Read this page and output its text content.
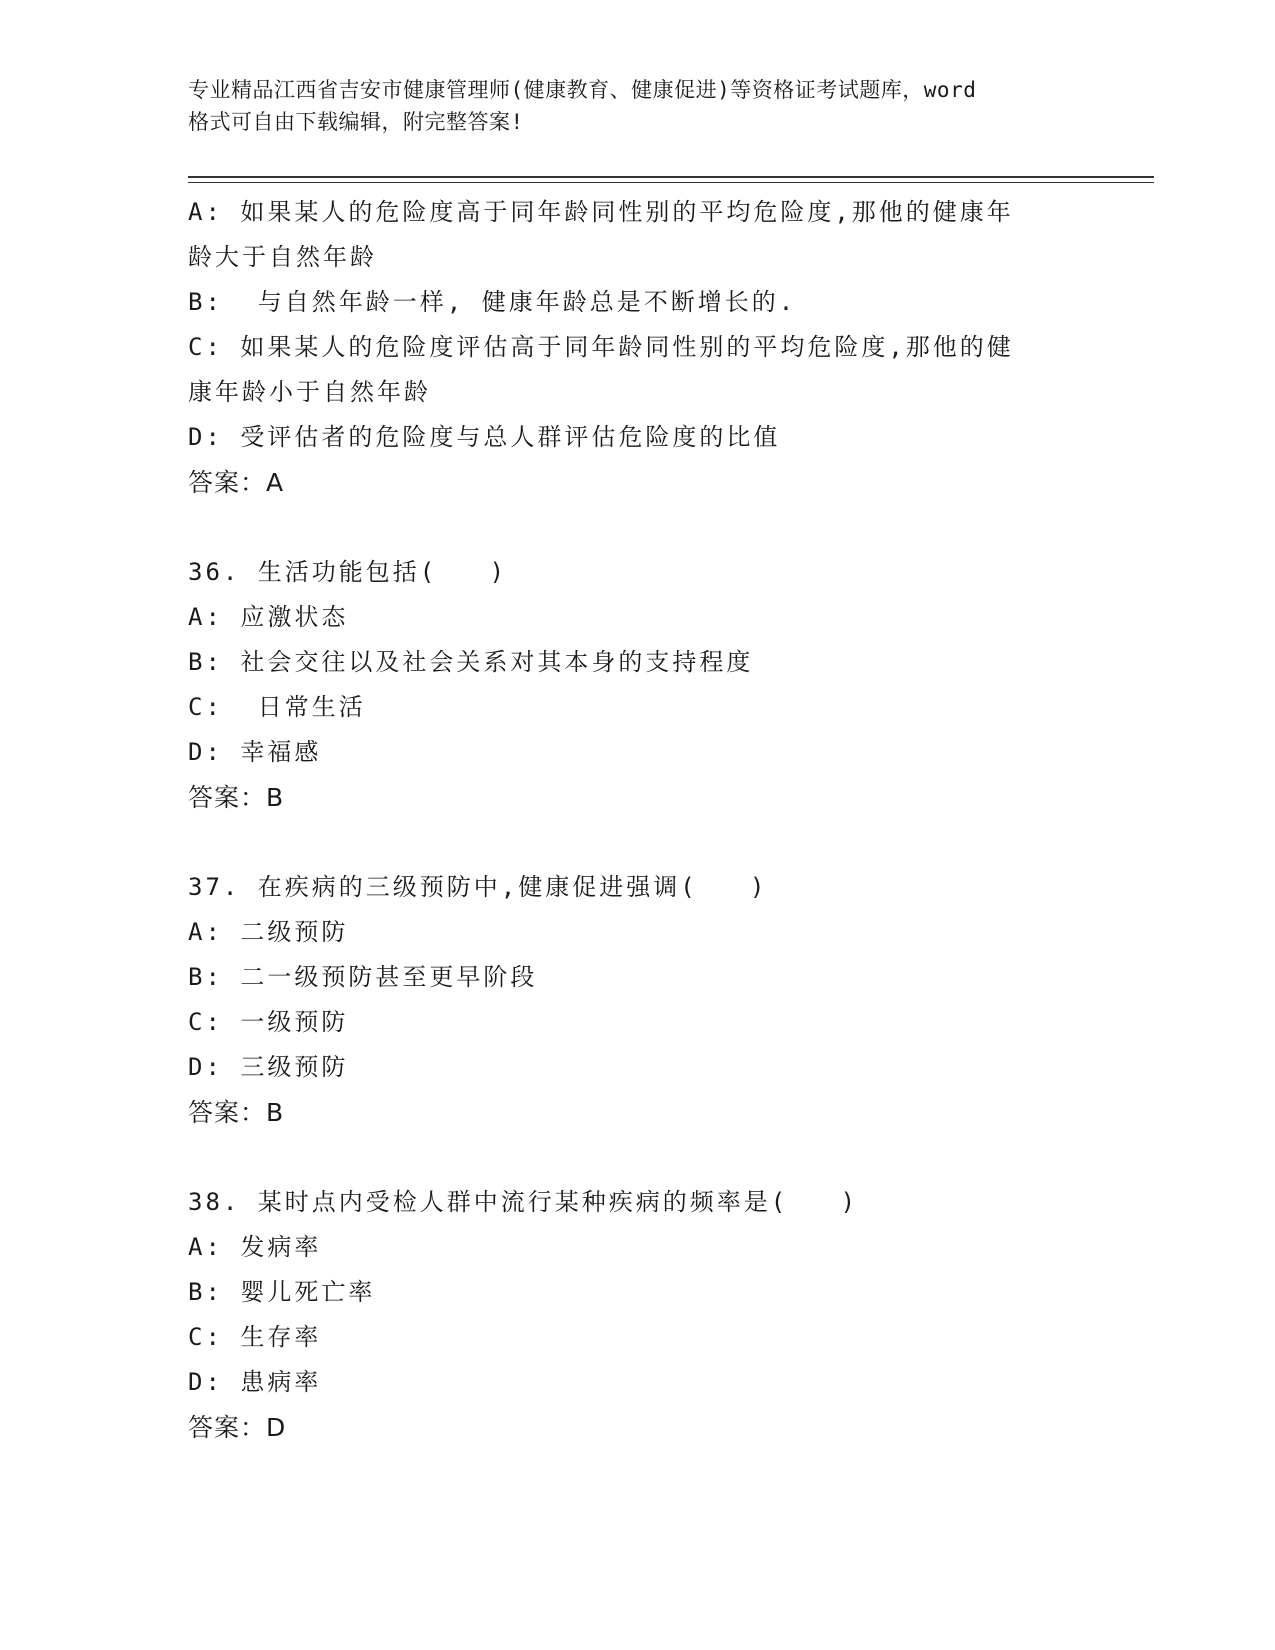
专业精品江西省吉安市健康管理师(健康教育、健康促进)等资格证考试题库，word
格式可自由下载编辑，附完整答案!
A: 如果某人的危险度高于同年龄同性别的平均危险度,那他的健康年
龄大于自然年龄
B:  与自然年龄一样, 健康年龄总是不断增长的.
C: 如果某人的危险度评估高于同年龄同性别的平均危险度,那他的健
康年龄小于自然年龄
D: 受评估者的危险度与总人群评估危险度的比值
答案：A
36. 生活功能包括(   )
A: 应激状态
B: 社会交往以及社会关系对其本身的支持程度
C:  日常生活
D: 幸福感
答案：B
37. 在疾病的三级预防中,健康促进强调(   )
A: 二级预防
B: 二一级预防甚至更早阶段
C: 一级预防
D: 三级预防
答案：B
38. 某时点内受检人群中流行某种疾病的频率是(   )
A: 发病率
B: 婴儿死亡率
C: 生存率
D: 患病率
答案：D
